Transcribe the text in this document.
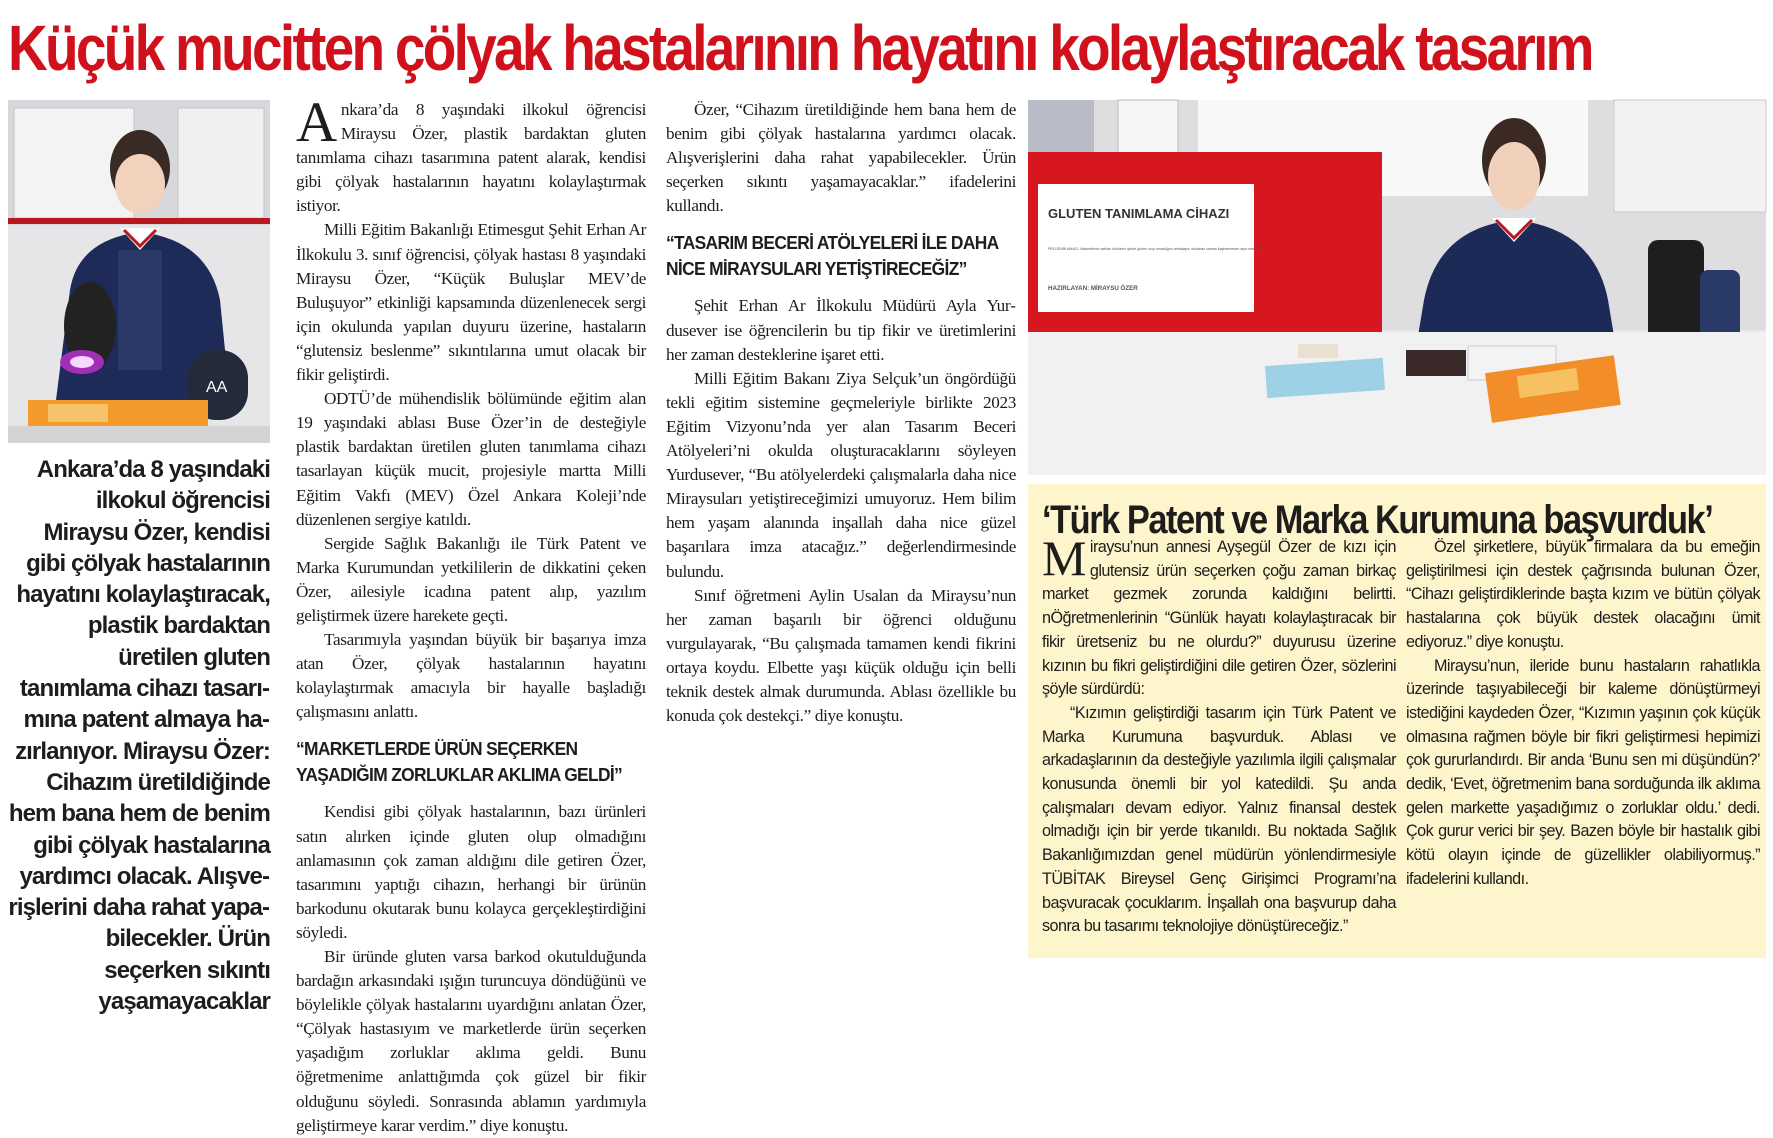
Küçük mucitten çölyak hastalarının hayatını kolaylaştıracak tasarım
AA
GLUTEN TANIMLAMA CİHAZI
PROJENİN AMACI: Marketlerde satılan ürünlerin içinde gluten olup olmadığını ambalajını okutarak zaman kaybetmeden ayırt edebilme
HAZIRLAYAN: MİRAYSU ÖZER
Ankara’da 8 yaşındaki ilkokul öğrencisi Miraysu Özer, kendisi gibi çölyak hastalarının hayatını kolaylaştıracak, plastik bardaktan üretilen gluten tanımlama cihazı tasarımına patent almaya hazırlanıyor. Miraysu Özer: Cihazım üretildiğinde hem bana hem de benim gibi çölyak hastalarına yardımcı olacak. Alışverişlerini daha rahat yapabilecekler. Ürün seçerken sıkıntı yaşamayacaklar

Ankara’da 8 yaşındaki ilkokul öğrencisi Miraysu Özer, plastik bardaktan gluten tanımlama cihazı tasarımına patent alarak, kendisi gibi çölyak hastalarının hayatını kolaylaştırmak istiyor.

Milli Eğitim Bakanlığı Etimesgut Şehit Erhan Ar İlkokulu 3. sınıf öğrencisi, çölyak hastası 8 yaşındaki Miraysu Özer, “Küçük Buluşlar MEV’de Buluşuyor” etkinliği kapsamında düzenlenecek sergi için okulunda yapılan duyuru üzerine, hastaların “glutensiz beslenme” sıkıntılarına umut olacak bir fikir geliştirdi.

ODTÜ’de mühendislik bölümünde eğitim alan 19 yaşındaki ablası Buse Özer’in de desteğiyle plastik bardaktan üretilen gluten tanımlama cihazı tasarlayan küçük mucit, projesiyle martta Milli Eğitim Vakfı (MEV) Özel Ankara Koleji’nde düzenlenen sergiye katıldı.

Sergide Sağlık Bakanlığı ile Türk Patent ve Marka Kurumundan yetkililerin de dikkatini çeken Özer, ailesiyle icadına patent alıp, yazılım geliştirmek üzere harekete geçti.

Tasarımıyla yaşından büyük bir başarıya imza atan Özer, çölyak hastalarının hayatını kolaylaştırmak amacıyla bir hayalle başladığı çalışmasını anlattı.

“MARKETLERDE ÜRÜN SEÇERKEN YAŞADIĞIM ZORLUKLAR AKLIMA GELDİ”

Kendisi gibi çölyak hastalarının, bazı ürünleri satın alırken içinde gluten olup olmadığını anlamasının çok zaman aldığını dile getiren Özer, tasarımını yaptığı cihazın, herhangi bir ürünün barkodunu okutarak bunu kolayca gerçekleştirdiğini söyledi.

Bir üründe gluten varsa barkod okutulduğunda bardağın arkasındaki ışığın turuncuya döndüğünü ve böylelikle çölyak hastalarını uyardığını anlatan Özer, “Çölyak hastasıyım ve marketlerde ürün seçerken yaşadığım zorluklar aklıma geldi. Bunu öğretmenime anlattığımda çok güzel bir fikir olduğunu söyledi. Sonrasında ablamın yardımıyla geliştirmeye karar verdim.” diye konuştu.

Özer, “Cihazım üretildiğinde hem bana hem de benim gibi çölyak hastalarına yardımcı olacak. Alışverişlerini daha rahat yapabilecekler. Ürün seçerken sıkıntı yaşamayacaklar.” ifadelerini kullandı.

“TASARIM BECERİ ATÖLYELERİ İLE DAHA NİCE MİRAYSULARI YETİŞTİRECEĞİZ”

Şehit Erhan Ar İlkokulu Müdürü Ayla Yurdusever ise öğrencilerin bu tip fikir ve üretimlerini her zaman desteklerine işaret etti.

Milli Eğitim Bakanı Ziya Selçuk’un öngördüğü tekli eğitim sistemine geçmeleriyle birlikte 2023 Eğitim Vizyonu’nda yer alan Tasarım Beceri Atölyeleri’ni okulda oluşturacaklarını söyleyen Yurdusever, “Bu atölyelerdeki çalışmalarla daha nice Miraysuları yetiştireceğimizi umuyoruz. Hem bilim hem yaşam alanında inşallah daha nice güzel başarılara imza atacağız.” değerlendirmesinde bulundu.

Sınıf öğretmeni Aylin Usalan da Miraysu’nun her zaman başarılı bir öğrenci olduğunu vurgulayarak, “Bu çalışmada tamamen kendi fikrini ortaya koydu. Elbette yaşı küçük olduğu için belli teknik destek almak durumunda. Ablası özellikle bu konuda çok destekçi.” diye konuştu.

‘Türk Patent ve Marka Kurumuna başvurduk’

Miraysu’nun annesi Ayşegül Özer de kızı için glutensiz ürün seçerken çoğu zaman birkaç market gezmek zorunda kaldığını belirtti. nÖğretmenlerinin “Günlük hayatı kolaylaştıracak bir fikir üretseniz bu ne olurdu?” duyurusu üzerine kızının bu fikri geliştirdiğini dile getiren Özer, sözlerini şöyle sürdürdü:

“Kızımın geliştirdiği tasarım için Türk Patent ve Marka Kurumuna başvurduk. Ablası ve arkadaşlarının da desteğiyle yazılımla ilgili çalışmalar konusunda önemli bir yol katedildi. Şu anda çalışmaları devam ediyor. Yalnız finansal destek olmadığı için bir yerde tıkanıldı. Bu noktada Sağlık Bakanlığımızdan genel müdürün yönlendirmesiyle TÜBİTAK Bireysel Genç Girişimci Programı’na başvuracak çocuklarım. İnşallah ona başvurup daha sonra bu tasarımı teknolojiye dönüştüreceğiz.”

Özel şirketlere, büyük firmalara da bu emeğin geliştirilmesi için destek çağrısında bulunan Özer, “Cihazı geliştirdiklerinde başta kızım ve bütün çölyak hastalarına çok büyük destek olacağını ümit ediyoruz.” diye konuştu.

Miraysu’nun, ileride bunu hastaların rahatlıkla üzerinde taşıyabileceği bir kaleme dönüştürmeyi istediğini kaydeden Özer, “Kızımın yaşının çok küçük olmasına rağmen böyle bir fikri geliştirmesi hepimizi çok gururlandırdı. Bir anda ‘Bunu sen mi düşündün?’ dedik, ‘Evet, öğretmenim bana sorduğunda ilk aklıma gelen markette yaşadığımız o zorluklar oldu.’ dedi. Çok gurur verici bir şey. Bazen böyle bir hastalık gibi kötü olayın içinde de güzellikler olabiliyormuş.” ifadelerini kullandı.
